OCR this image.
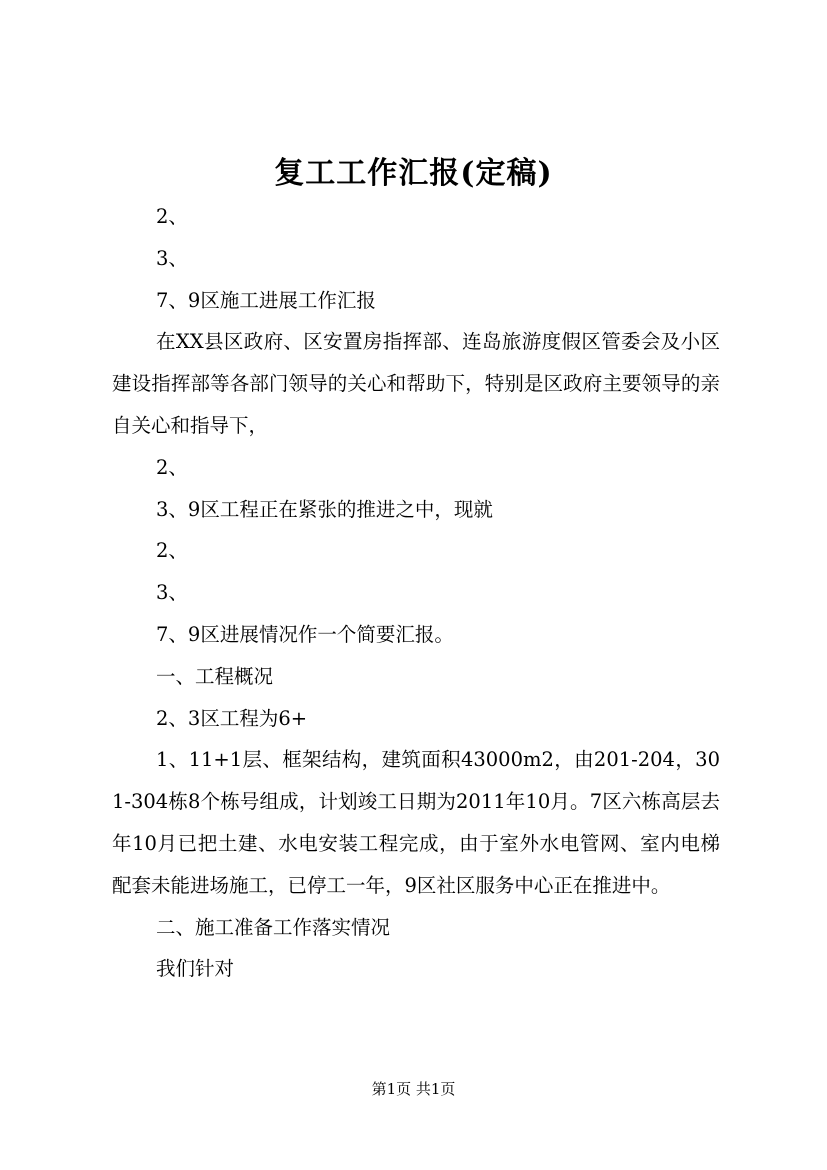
复工工作汇报(定稿)

2、

3、

7、9区施工进展工作汇报

在XX县区政府、区安置房指挥部、连岛旅游度假区管委会及小区建设指挥部等各部门领导的关心和帮助下，特别是区政府主要领导的亲自关心和指导下，

2、

3、9区工程正在紧张的推进之中，现就

2、

3、

7、9区进展情况作一个简要汇报。

一、工程概况

2、3区工程为6+

1、11+1层、框架结构，建筑面积43000m2，由201-204，301-304栋8个栋号组成，计划竣工日期为2011年10月。7区六栋高层去年10月已把土建、水电安装工程完成，由于室外水电管网、室内电梯配套未能进场施工，已停工一年，9区社区服务中心正在推进中。

二、施工准备工作落实情况

我们针对

第1页 共1页
